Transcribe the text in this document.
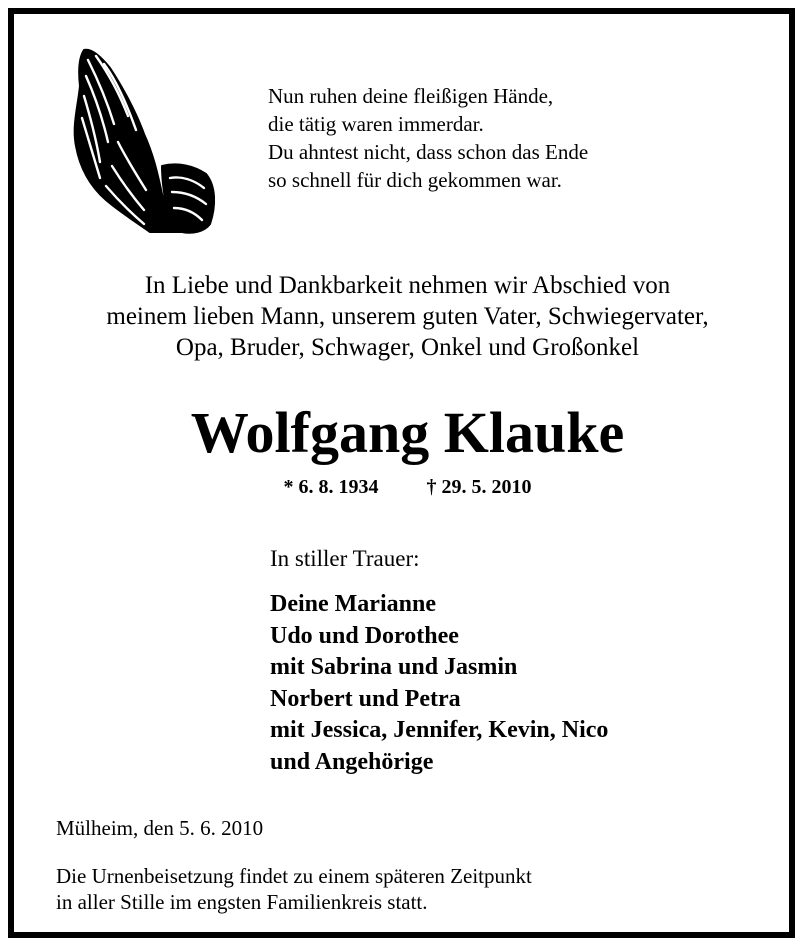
Nun ruhen deine fleißigen Hände,
die tätig waren immerdar.
Du ahntest nicht, dass schon das Ende
so schnell für dich gekommen war.
In Liebe und Dankbarkeit nehmen wir Abschied von
meinem lieben Mann, unserem guten Vater, Schwiegervater,
Opa, Bruder, Schwager, Onkel und Großonkel
Wolfgang Klauke
* 6. 8. 1934 † 29. 5. 2010
In stiller Trauer:
Deine Marianne
Udo und Dorothee
mit Sabrina und Jasmin
Norbert und Petra
mit Jessica, Jennifer, Kevin, Nico
und Angehörige
Mülheim, den 5. 6. 2010
Die Urnenbeisetzung findet zu einem späteren Zeitpunkt
in aller Stille im engsten Familienkreis statt.
